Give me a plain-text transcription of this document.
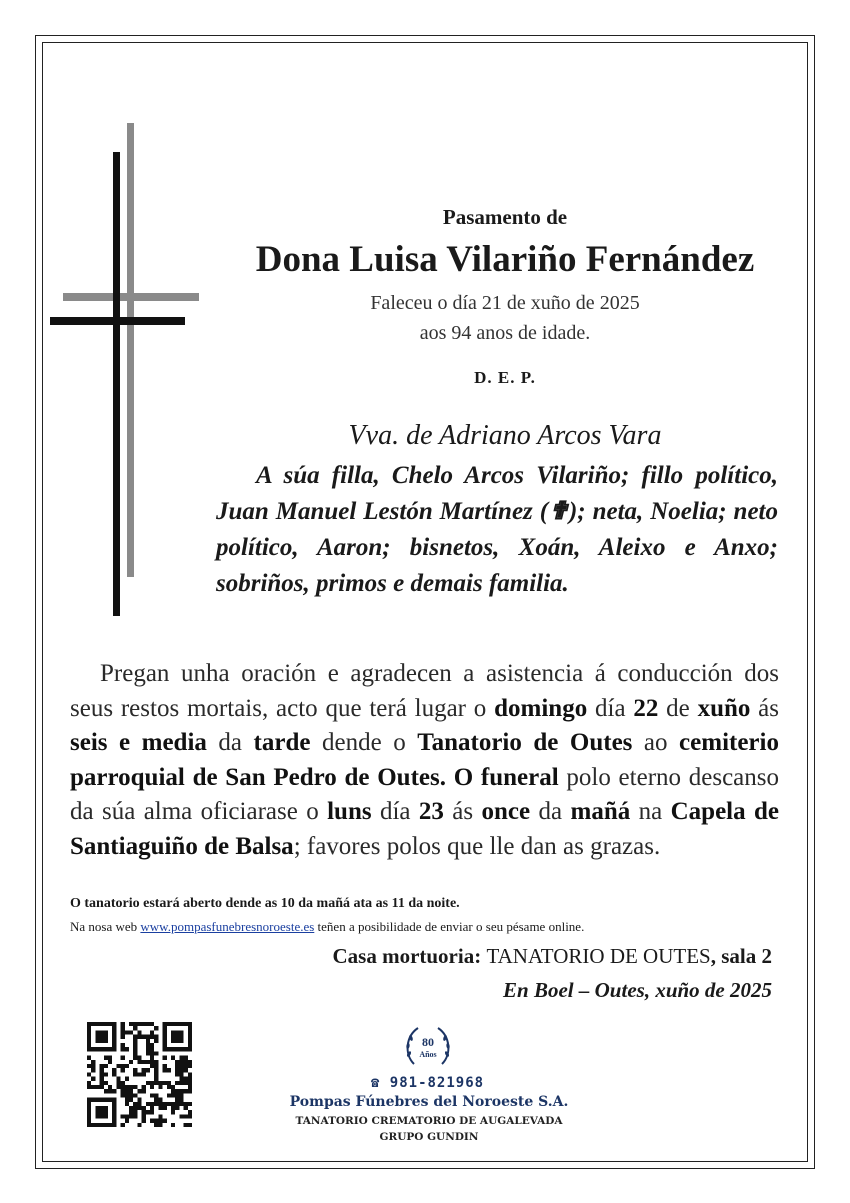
Pasamento de
Dona Luisa Vilariño Fernández
Faleceu o día 21 de xuño de 2025
aos 94 anos de idade.
D. E. P.
Vva. de Adriano Arcos Vara
A súa filla, Chelo Arcos Vilariño; fillo político, Juan Manuel Lestón Martínez (✟); neta, Noelia; neto político, Aaron; bisnetos, Xoán, Aleixo e Anxo; sobriños, primos e demais familia.
Pregan unha oración e agradecen a asistencia á conducción dos seus restos mortais, acto que terá lugar o domingo día 22 de xuño ás seis e media da tarde dende o Tanatorio de Outes ao cemiterio parroquial de San Pedro de Outes. O funeral polo eterno descanso da súa alma oficiarase o luns día 23 ás once da mañá na Capela de Santiaguiño de Balsa; favores polos que lle dan as grazas.
O tanatorio estará aberto dende as 10 da mañá ata as 11 da noite.
Na nosa web www.pompasfunebresnoroeste.es teñen a posibilidade de enviar o seu pésame online.
Casa mortuoria: TANATORIO DE OUTES, sala 2
En Boel – Outes, xuño de 2025
80
Años
☎ 981-821968
Pompas Fúnebres del Noroeste S.A.
TANATORIO CREMATORIO DE AUGALEVADA
GRUPO GUNDIN
